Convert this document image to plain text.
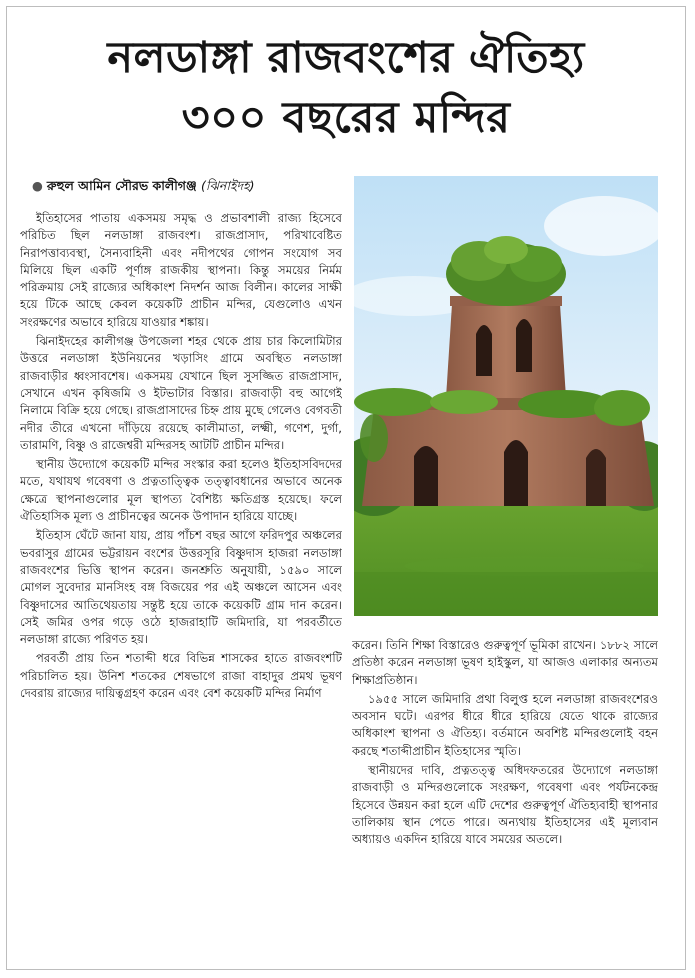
নলডাঙ্গা রাজবংশের ঐতিহ্য
৩০০ বছরের মন্দির
● রুহুল আমিন সৌরভ কালীগঞ্জ (ঝিনাইদহ)

ইতিহাসের পাতায় একসময় সমৃদ্ধ ও প্রভাবশালী রাজ্য হিসেবে পরিচিত ছিল নলডাঙ্গা রাজবংশ। রাজপ্রাসাদ, পরিখাবেষ্টিত নিরাপত্তাব্যবস্থা, সৈন্যবাহিনী এবং নদীপথের গোপন সংযোগ সব মিলিয়ে ছিল একটি পূর্ণাঙ্গ রাজকীয় স্থাপনা। কিন্তু সময়ের নির্মম পরিক্রমায় সেই রাজ্যের অধিকাংশ নিদর্শন আজ বিলীন। কালের সাক্ষী হয়ে টিকে আছে কেবল কয়েকটি প্রাচীন মন্দির, যেগুলোও এখন সংরক্ষণের অভাবে হারিয়ে যাওয়ার শঙ্কায়।

ঝিনাইদহের কালীগঞ্জ উপজেলা শহর থেকে প্রায় চার কিলোমিটার উত্তরে নলডাঙ্গা ইউনিয়নের খড়াসিং গ্রামে অবস্থিত নলডাঙ্গা রাজবাড়ীর ধ্বংসাবশেষ। একসময় যেখানে ছিল সুসজ্জিত রাজপ্রাসাদ, সেখানে এখন কৃষিজমি ও ইটভাটার বিস্তার। রাজবাড়ী বহু আগেই নিলামে বিক্রি হয়ে গেছে। রাজপ্রাসাদের চিহ্ন প্রায় মুছে গেলেও বেগবতী নদীর তীরে এখনো দাঁড়িয়ে রয়েছে কালীমাতা, লক্ষ্মী, গণেশ, দুর্গা, তারামণি, বিষ্ণু ও রাজেশ্বরী মন্দিরসহ আটটি প্রাচীন মন্দির।

স্থানীয় উদ্যোগে কয়েকটি মন্দির সংস্কার করা হলেও ইতিহাসবিদদের মতে, যথাযথ গবেষণা ও প্রত্নতাত্ত্বিক তত্ত্বাবধানের অভাবে অনেক ক্ষেত্রে স্থাপনাগুলোর মূল স্থাপত্য বৈশিষ্ট্য ক্ষতিগ্রস্ত হয়েছে। ফলে ঐতিহাসিক মূল্য ও প্রাচীনত্বের অনেক উপাদান হারিয়ে যাচ্ছে।

ইতিহাস ঘেঁটে জানা যায়, প্রায় পাঁচশ বছর আগে ফরিদপুর অঞ্চলের ভবরাসুর গ্রামের ভট্টরায়ন বংশের উত্তরসূরি বিষ্ণুদাস হাজরা নলডাঙ্গা রাজবংশের ভিত্তি স্থাপন করেন। জনশ্রুতি অনুযায়ী, ১৫৯০ সালে মোগল সুবেদার মানসিংহ বঙ্গ বিজয়ের পর এই অঞ্চলে আসেন এবং বিষ্ণুদাসের আতিথেয়তায় সন্তুষ্ট হয়ে তাকে কয়েকটি গ্রাম দান করেন। সেই জমির ওপর গড়ে ওঠে হাজরাহাটি জমিদারি, যা পরবর্তীতে নলডাঙ্গা রাজ্যে পরিণত হয়।

পরবর্তী প্রায় তিন শতাব্দী ধরে বিভিন্ন শাসকের হাতে রাজবংশটি পরিচালিত হয়। উনিশ শতকের শেষভাগে রাজা বাহাদুর প্রমথ ভূষণ দেবরায় রাজ্যের দায়িত্বগ্রহণ করেন এবং বেশ কয়েকটি মন্দির নির্মাণ

করেন। তিনি শিক্ষা বিস্তারেও গুরুত্বপূর্ণ ভূমিকা রাখেন। ১৮৮২ সালে প্রতিষ্ঠা করেন নলডাঙ্গা ভূষণ হাইস্কুল, যা আজও এলাকার অন্যতম শিক্ষাপ্রতিষ্ঠান।

১৯৫৫ সালে জমিদারি প্রথা বিলুপ্ত হলে নলডাঙ্গা রাজবংশেরও অবসান ঘটে। এরপর ধীরে ধীরে হারিয়ে যেতে থাকে রাজ্যের অধিকাংশ স্থাপনা ও ঐতিহ্য। বর্তমানে অবশিষ্ট মন্দিরগুলোই বহন করছে শতাব্দীপ্রাচীন ইতিহাসের স্মৃতি।

স্থানীয়দের দাবি, প্রত্নতত্ত্ব অধিদফতরের উদ্যোগে নলডাঙ্গা রাজবাড়ী ও মন্দিরগুলোকে সংরক্ষণ, গবেষণা এবং পর্যটনকেন্দ্র হিসেবে উন্নয়ন করা হলে এটি দেশের গুরুত্বপূর্ণ ঐতিহ্যবাহী স্থাপনার তালিকায় স্থান পেতে পারে। অন্যথায় ইতিহাসের এই মূল্যবান অধ্যায়ও একদিন হারিয়ে যাবে সময়ের অতলে।
